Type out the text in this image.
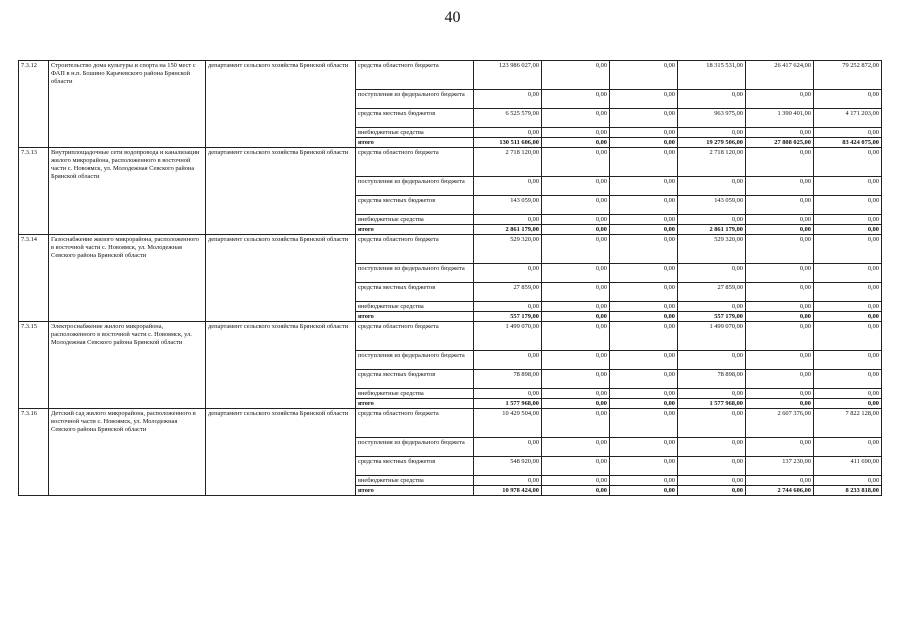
40
7.3.12	Строительство дома культуры и спорта на 150 мест с ФАП в н.п. Бошино Карачевского района Брянской области	департамент сельского хозяйства Брянской области	средства областного бюджета	123 986 027,00	0,00	0,00	18 315 531,00	26 417 624,00	79 252 872,00
			поступления из федерального бюджета	0,00	0,00	0,00	0,00	0,00	0,00
			средства местных бюджетов	6 525 579,00	0,00	0,00	963 975,00	1 390 401,00	4 171 203,00
			внебюджетные средства	0,00	0,00	0,00	0,00	0,00	0,00
			итого	130 511 606,00	0,00	0,00	19 279 506,00	27 808 025,00	83 424 075,00
7.3.13	Внутриплощадочные сети водопровода и канализации жилого микрорайона, расположенного в восточной части с. Новоямск, ул. Молодежная Севского района Брянской области	департамент сельского хозяйства Брянской области	средства областного бюджета	2 718 120,00	0,00	0,00	2 718 120,00	0,00	0,00
			поступления из федерального бюджета	0,00	0,00	0,00	0,00	0,00	0,00
			средства местных бюджетов	143 059,00	0,00	0,00	143 059,00	0,00	0,00
			внебюджетные средства	0,00	0,00	0,00	0,00	0,00	0,00
			итого	2 861 179,00	0,00	0,00	2 861 179,00	0,00	0,00
7.3.14	Газоснабжение жилого микрорайона, расположенного в восточной части с. Новоямск, ул. Молодежная Севского района Брянской области	департамент сельского хозяйства Брянской области	средства областного бюджета	529 320,00	0,00	0,00	529 320,00	0,00	0,00
			поступления из федерального бюджета	0,00	0,00	0,00	0,00	0,00	0,00
			средства местных бюджетов	27 859,00	0,00	0,00	27 859,00	0,00	0,00
			внебюджетные средства	0,00	0,00	0,00	0,00	0,00	0,00
			итого	557 179,00	0,00	0,00	557 179,00	0,00	0,00
7.3.15	Электроснабжение жилого микрорайона, расположенного в восточной части с. Новоямск, ул. Молодежная Севского района Брянской области	департамент сельского хозяйства Брянской области	средства областного бюджета	1 499 070,00	0,00	0,00	1 499 070,00	0,00	0,00
			поступления из федерального бюджета	0,00	0,00	0,00	0,00	0,00	0,00
			средства местных бюджетов	78 898,00	0,00	0,00	78 898,00	0,00	0,00
			внебюджетные средства	0,00	0,00	0,00	0,00	0,00	0,00
			итого	1 577 968,00	0,00	0,00	1 577 968,00	0,00	0,00
7.3.16	Детский сад жилого микрорайона, расположенного в восточной части с. Новоямск, ул. Молодежная Севского района Брянской области	департамент сельского хозяйства Брянской области	средства областного бюджета	10 429 504,00	0,00	0,00	0,00	2 607 376,00	7 822 128,00
			поступления из федерального бюджета	0,00	0,00	0,00	0,00	0,00	0,00
			средства местных бюджетов	548 920,00	0,00	0,00	0,00	137 230,00	411 690,00
			внебюджетные средства	0,00	0,00	0,00	0,00	0,00	0,00
			итого	10 978 424,00	0,00	0,00	0,00	2 744 606,00	8 233 818,00
